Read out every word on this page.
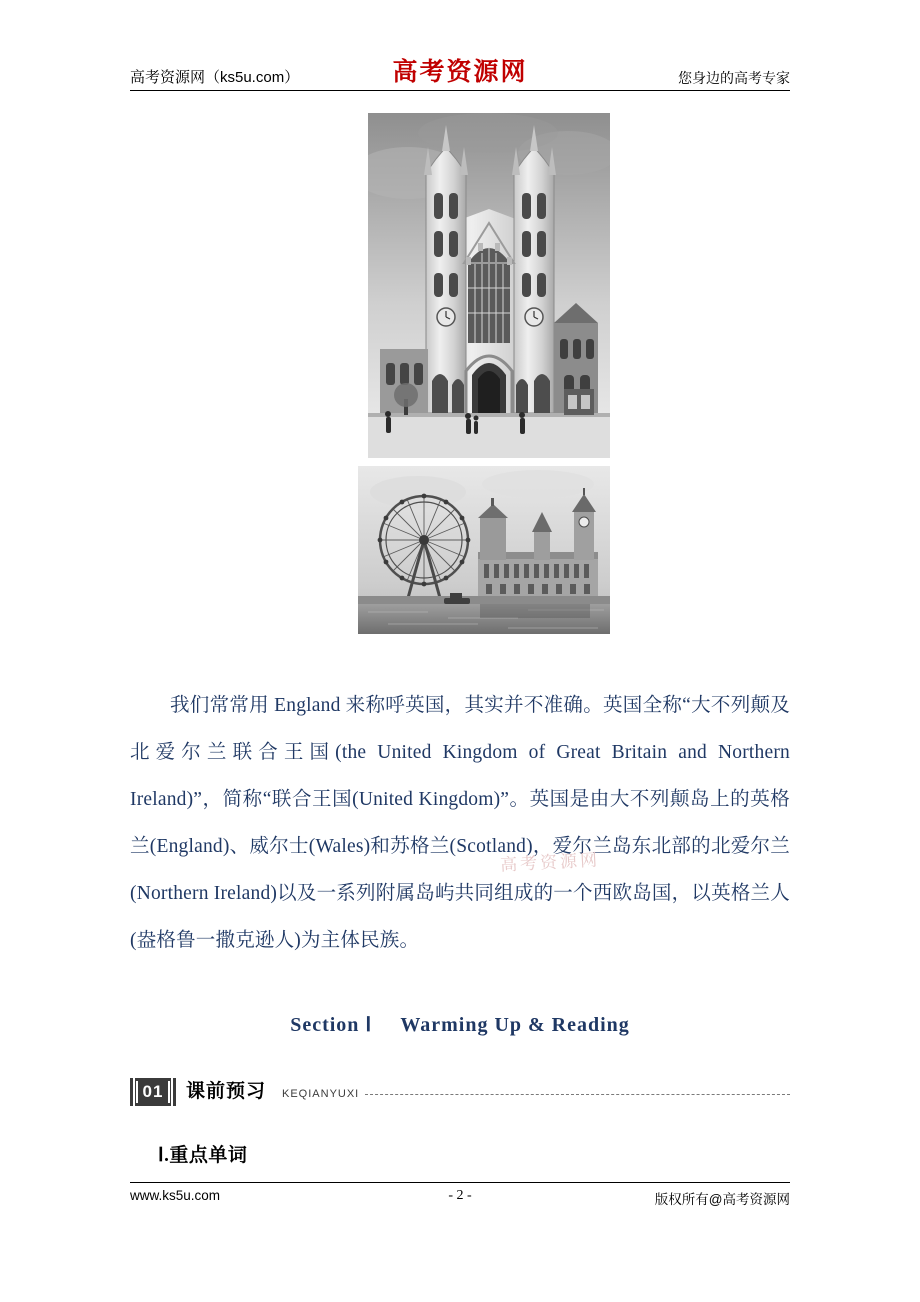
高考资源网（ks5u.com）	高考资源网	您身边的高考专家
我们常常用 England 来称呼英国，其实并不准确。英国全称“大不列颠及北爱尔兰联合王国(the United Kingdom of Great Britain and Northern Ireland)”，简称“联合王国(United Kingdom)”。英国是由大不列颠岛上的英格兰(England)、威尔士(Wales)和苏格兰(Scotland)，爱尔兰岛东北部的北爱尔兰(Northern Ireland)以及一系列附属岛屿共同组成的一个西欧岛国，以英格兰人(盎格鲁一撒克逊人)为主体民族。
高考资源网
Section Ⅰ Warming Up & Reading
01	课前预习 KEQIANYUXI
Ⅰ.重点单词
www.ks5u.com	- 2 -	版权所有@高考资源网
